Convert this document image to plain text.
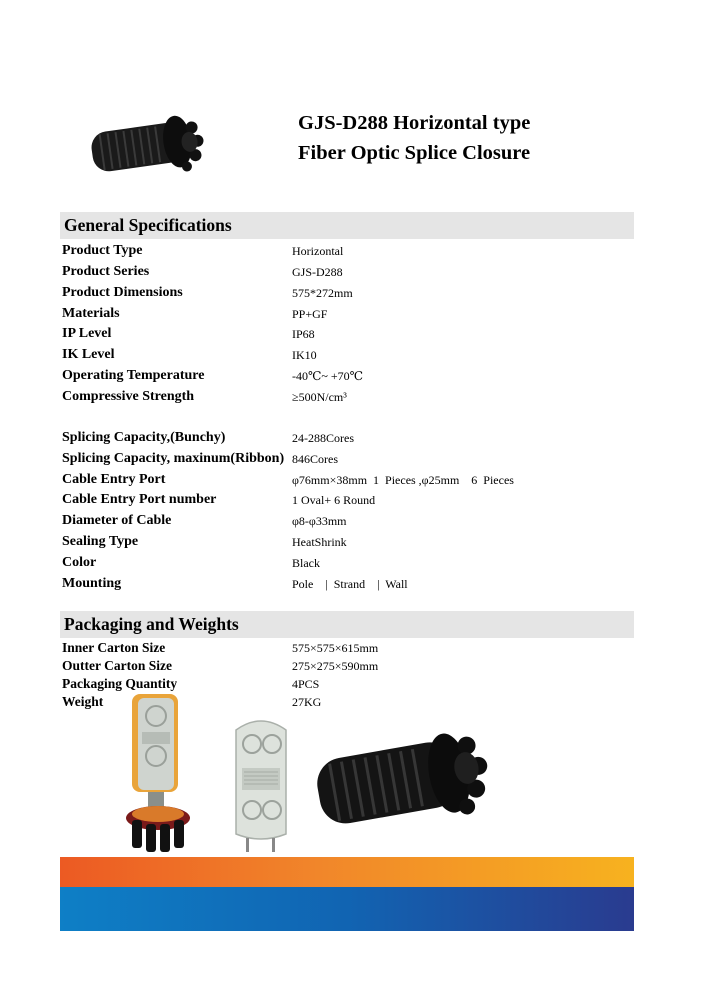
GJS-D288 Horizontal type
Fiber Optic Splice Closure
General Specifications
Product Type	Horizontal
Product Series	GJS-D288
Product Dimensions	575*272mm
Materials	PP+GF
IP Level	IP68
IK Level	IK10
Operating Temperature	-40℃~ +70℃
Compressive Strength	≥500N/cm³
Splicing Capacity,(Bunchy)	24-288Cores
Splicing Capacity, maxinum(Ribbon) 846Cores
Cable Entry Port	φ76mm×38mm  1  Pieces ,φ25mm    6  Pieces
Cable Entry Port number	1 Oval+ 6 Round
Diameter of Cable	φ8-φ33mm
Sealing Type	HeatShrink
Color	Black
Mounting	Pole    |  Strand    |  Wall
Packaging and Weights
Inner Carton Size	575×575×615mm
Outter Carton Size	275×275×590mm
Packaging Quantity	4PCS
Weight	27KG
